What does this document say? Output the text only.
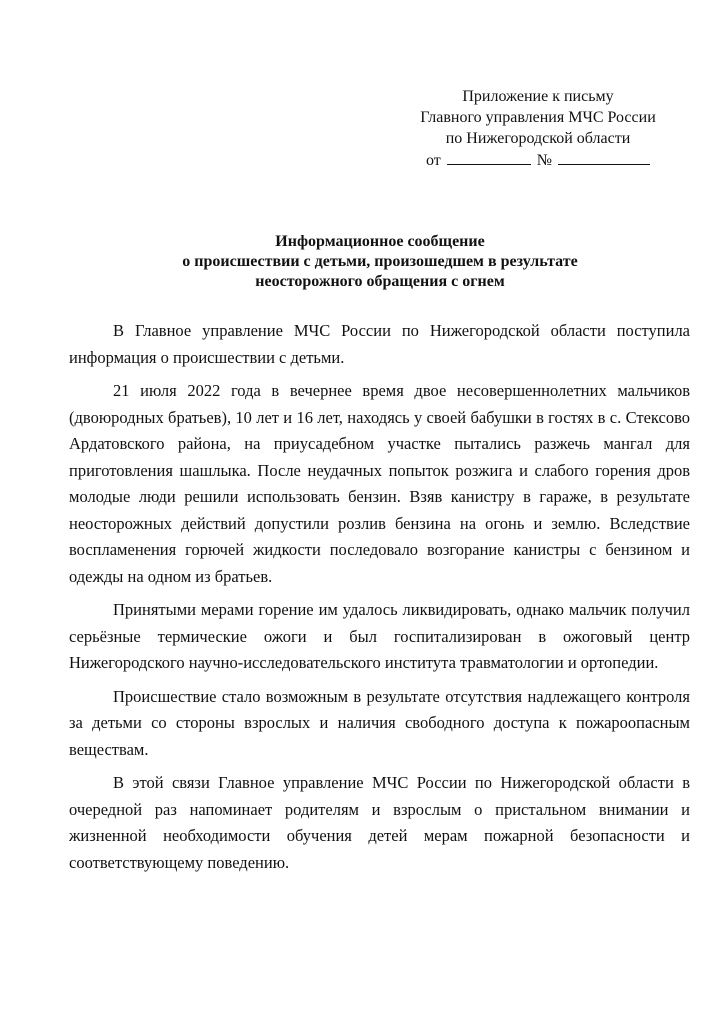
Приложение к письму
Главного управления МЧС России
по Нижегородской области
от	№
Информационное сообщение
о происшествии с детьми, произошедшем в результате
неосторожного обращения с огнем

В Главное управление МЧС России по Нижегородской области поступила информация о происшествии с детьми.

21 июля 2022 года в вечернее время двое несовершеннолетних мальчиков (двоюродных братьев), 10 лет и 16 лет, находясь у своей бабушки в гостях в с. Стексово Ардатовского района, на приусадебном участке пытались разжечь мангал для приготовления шашлыка. После неудачных попыток розжига и слабого горения дров молодые люди решили использовать бензин. Взяв канистру в гараже, в результате неосторожных действий допустили розлив бензина на огонь и землю. Вследствие воспламенения горючей жидкости последовало возгорание канистры с бензином и одежды на одном из братьев.

Принятыми мерами горение им удалось ликвидировать, однако мальчик получил серьёзные термические ожоги и был госпитализирован в ожоговый центр Нижегородского научно-исследовательского института травматологии и ортопедии.

Происшествие стало возможным в результате отсутствия надлежащего контроля за детьми со стороны взрослых и наличия свободного доступа к пожароопасным веществам.

В этой связи Главное управление МЧС России по Нижегородской области в очередной раз напоминает родителям и взрослым о пристальном внимании и жизненной необходимости обучения детей мерам пожарной безопасности и соответствующему поведению.
